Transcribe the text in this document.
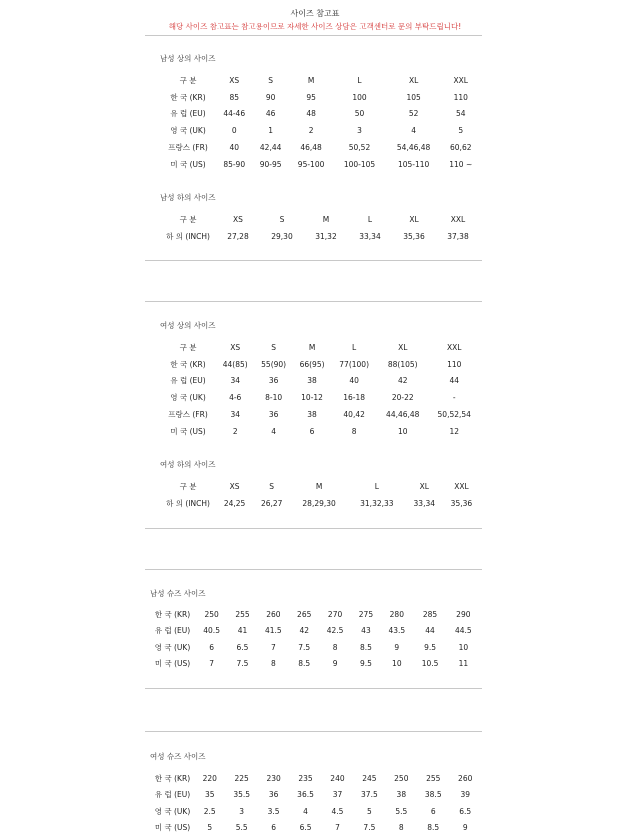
사이즈 참고표
해당 사이즈 참고표는 참고용이므로 자세한 사이즈 상담은 고객센터로 문의 부탁드립니다!
남성 상의 사이즈
구 분	XS	S	M	L	XL	XXL
한 국 (KR)	85	90	95	100	105	110
유 럽 (EU)	44-46	46	48	50	52	54
영 국 (UK)	0	1	2	3	4	5
프랑스 (FR)	40	42,44	46,48	50,52	54,46,48	60,62
미 국 (US)	85-90	90-95	95-100	100-105	105-110	110 ~
남성 하의 사이즈
구 분	XS	S	M	L	XL	XXL
하 의 (INCH)	27,28	29,30	31,32	33,34	35,36	37,38
여성 상의 사이즈
구 분	XS	S	M	L	XL	XXL
한 국 (KR)	44(85)	55(90)	66(95)	77(100)	88(105)	110
유 럽 (EU)	34	36	38	40	42	44
영 국 (UK)	4-6	8-10	10-12	16-18	20-22	-
프랑스 (FR)	34	36	38	40,42	44,46,48	50,52,54
미 국 (US)	2	4	6	8	10	12
여성 하의 사이즈
구 분	XS	S	M	L	XL	XXL
하 의 (INCH)	24,25	26,27	28,29,30	31,32,33	33,34	35,36
남성 슈즈 사이즈
한 국 (KR)	250	255	260	265	270	275	280	285	290
유 럽 (EU)	40.5	41	41.5	42	42.5	43	43.5	44	44.5
영 국 (UK)	6	6.5	7	7.5	8	8.5	9	9.5	10
미 국 (US)	7	7.5	8	8.5	9	9.5	10	10.5	11
여성 슈즈 사이즈
한 국 (KR)	220	225	230	235	240	245	250	255	260
유 럽 (EU)	35	35.5	36	36.5	37	37.5	38	38.5	39
영 국 (UK)	2.5	3	3.5	4	4.5	5	5.5	6	6.5
미 국 (US)	5	5.5	6	6.5	7	7.5	8	8.5	9
